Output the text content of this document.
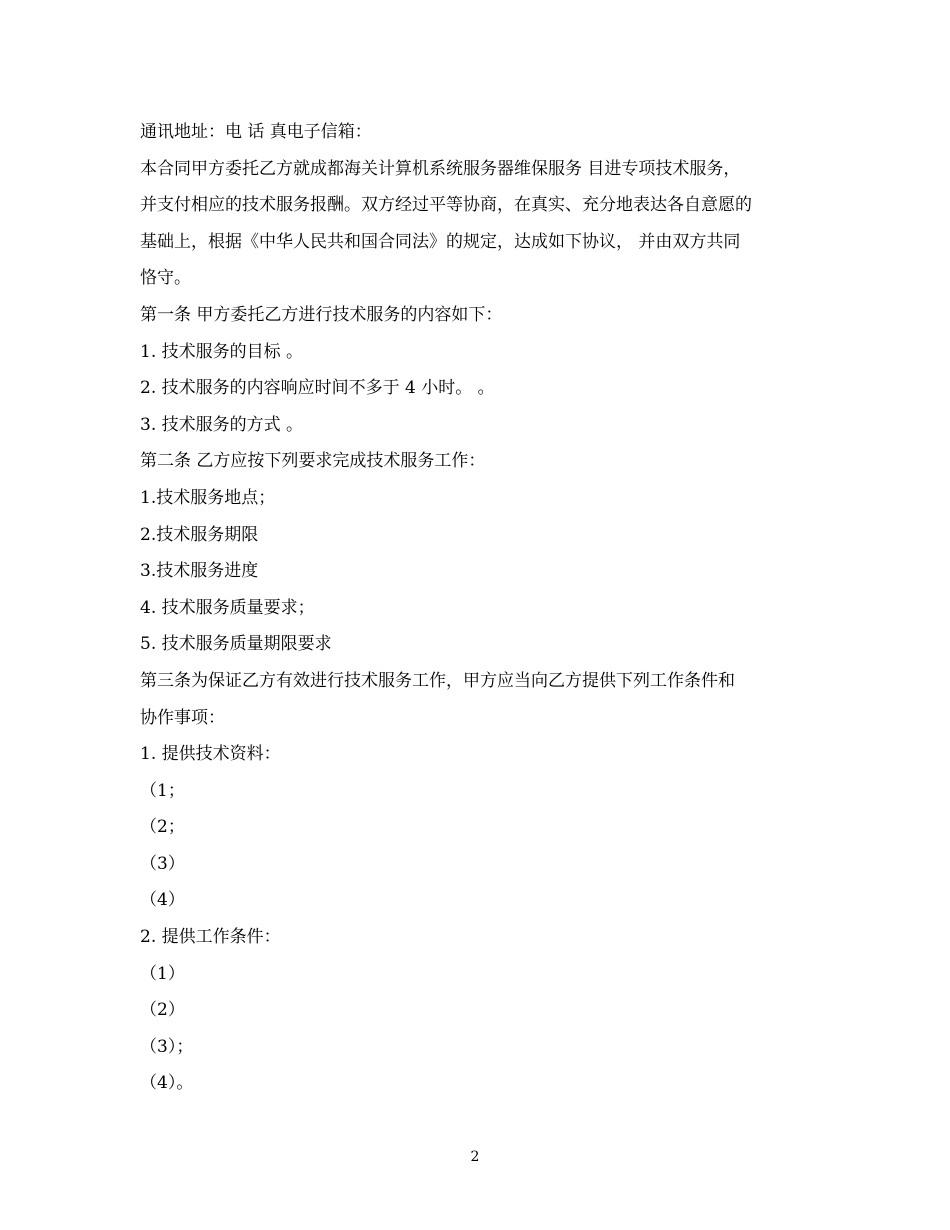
通讯地址：电 话 真电子信箱：

本合同甲方委托乙方就成都海关计算机系统服务器维保服务 目进专项技术服务，

并支付相应的技术服务报酬。双方经过平等协商，在真实、充分地表达各自意愿的

基础上，根据《中华人民共和国合同法》的规定，达成如下协议， 并由双方共同

恪守。

第一条 甲方委托乙方进行技术服务的内容如下：

1. 技术服务的目标 。

2. 技术服务的内容响应时间不多于 4 小时。 。

3. 技术服务的方式 。

第二条 乙方应按下列要求完成技术服务工作：

1.技术服务地点；

2.技术服务期限

3.技术服务进度

4. 技术服务质量要求；

5. 技术服务质量期限要求

第三条为保证乙方有效进行技术服务工作，甲方应当向乙方提供下列工作条件和

协作事项：

1. 提供技术资料：

（1；

（2；

（3）

（4）

2. 提供工作条件：

（1）

（2）

（3）；

（4）。

2
